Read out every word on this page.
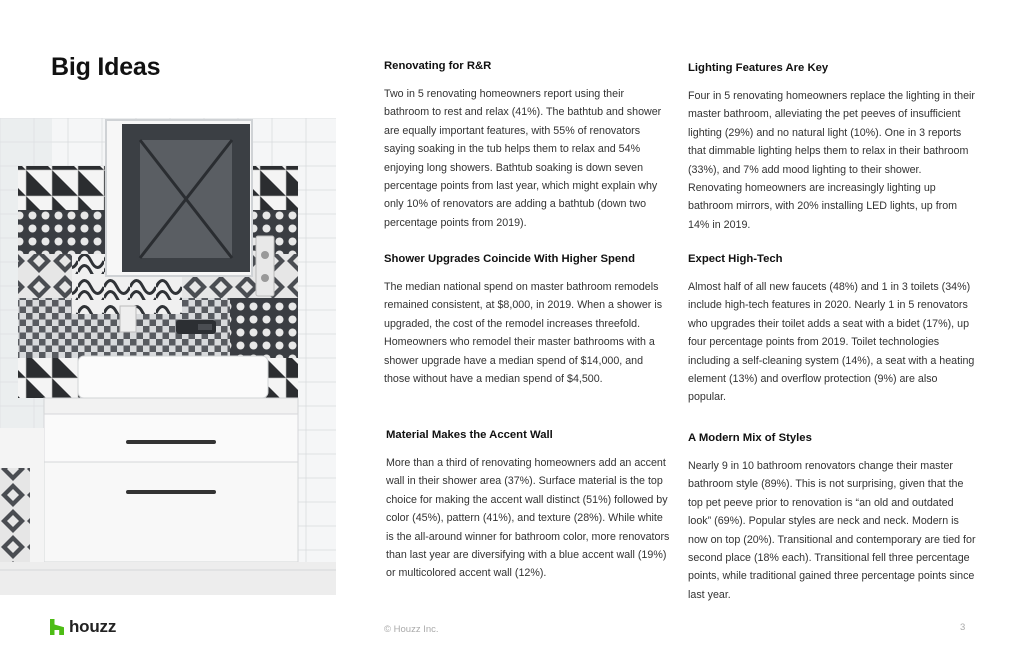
Big Ideas	Renovating for R&R

Two in 5 renovating homeowners report using their bathroom to rest and relax (41%). The bathtub and shower are equally important features, with 55% of renovators saying soaking in the tub helps them to relax and 54% enjoying long showers. Bathtub soaking is down seven percentage points from last year, which might explain why only 10% of renovators are adding a bathtub (down two percentage points from 2019).

Shower Upgrades Coincide With Higher Spend

The median national spend on master bathroom remodels remained consistent, at $8,000, in 2019. When a shower is upgraded, the cost of the remodel increases threefold. Homeowners who remodel their master bathrooms with a shower upgrade have a median spend of $14,000, and those without have a median spend of $4,500.

Material Makes the Accent Wall

More than a third of renovating homeowners add an accent wall in their shower area (37%). Surface material is the top choice for making the accent wall distinct (51%) followed by color (45%), pattern (41%), and texture (28%). While white is the all-around winner for bathroom color, more renovators than last year are diversifying with a blue accent wall (19%) or multicolored accent wall (12%).

Lighting Features Are Key

Four in 5 renovating homeowners replace the lighting in their master bathroom, alleviating the pet peeves of insufficient lighting (29%) and no natural light (10%). One in 3 reports that dimmable lighting helps them to relax in their bathroom (33%), and 7% add mood lighting to their shower. Renovating homeowners are increasingly lighting up bathroom mirrors, with 20% installing LED lights, up from 14% in 2019.

Expect High-Tech

Almost half of all new faucets (48%) and 1 in 3 toilets (34%) include high-tech features in 2020. Nearly 1 in 5 renovators who upgrades their toilet adds a seat with a bidet (17%), up four percentage points from 2019. Toilet technologies including a self-cleaning system (14%), a seat with a heating element (13%) and overflow protection (9%) are also popular.

A Modern Mix of Styles

Nearly 9 in 10 bathroom renovators change their master bathroom style (89%). This is not surprising, given that the top pet peeve prior to renovation is “an old and outdated look” (69%). Popular styles are neck and neck. Modern is now on top (20%). Transitional and contemporary are tied for second place (18% each). Transitional fell three percentage points, while traditional gained three percentage points since last year.

houzz	© Houzz Inc.	3
